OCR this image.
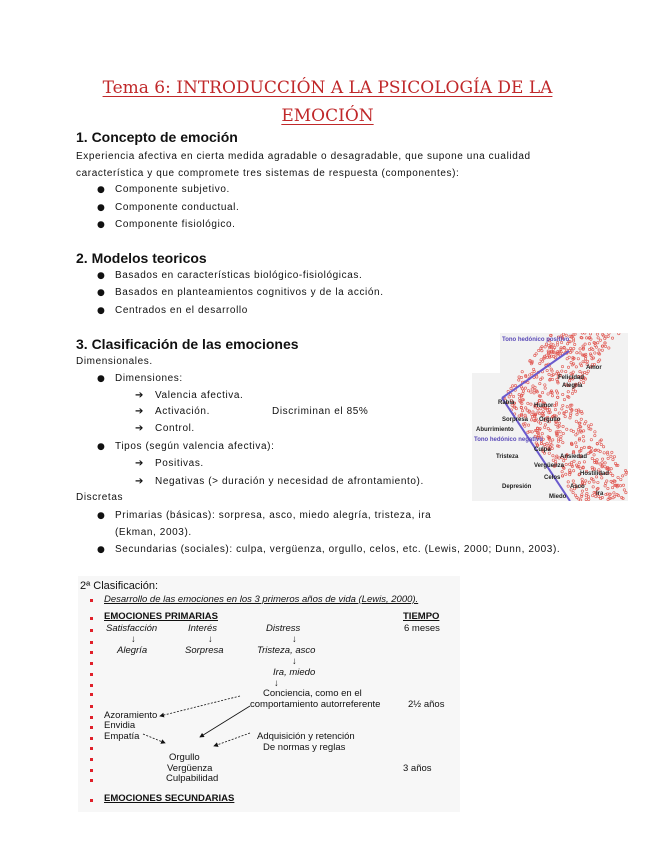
Tema 6: INTRODUCCIÓN A LA PSICOLOGÍA DE LA
EMOCIÓN
1. Concepto de emoción
Experiencia afectiva en cierta medida agradable o desagradable, que supone una cualidad
característica y que compromete tres sistemas de respuesta (componentes):
● Componente subjetivo.
● Componente conductual.
● Componente fisiológico.
2. Modelos teoricos
● Basados en características biológico-fisiológicas.
● Basados en planteamientos cognitivos y de la acción.
● Centrados en el desarrollo
3. Clasificación de las emociones
Dimensionales.
● Dimensiones:
➔ Valencia afectiva.
➔ Activación.	Discriminan el 85%
➔ Control.
● Tipos (según valencia afectiva):
➔ Positivas.
➔ Negativas (> duración y necesidad de afrontamiento).
Discretas
● Primarias (básicas): sorpresa, asco, miedo alegría, tristeza, ira
(Ekman, 2003).
● Secundarias (sociales): culpa, vergüenza, orgullo, celos, etc. (Lewis, 2000; Dunn, 2003).
Tono hedónico positivo
Tono hedónico negativo
Amor
Felicidad
Alegría
Rabia	Humor
Sorpresa Orgullo
Aburrimiento
Culpa
Tristeza	Ansiedad
Vergüenza
Hostilidad
Celos
Depresión	Asco
Ira
Miedo
2ª Clasificación:
Desarrollo de las emociones en los 3 primeros años de vida (Lewis, 2000).
EMOCIONES PRIMARIAS	TIEMPO
Satisfacción	Interés	Distress	6 meses
↓	↓	↓
Alegría	Sorpresa	Tristeza, asco
↓
Ira, miedo
↓
Conciencia, como en el
comportamiento autorreferente	2½ años
Azoramiento
Envidia
Empatía	Adquisición y retención
De normas y reglas
Orgullo
Vergüenza	3 años
Culpabilidad
EMOCIONES SECUNDARIAS
